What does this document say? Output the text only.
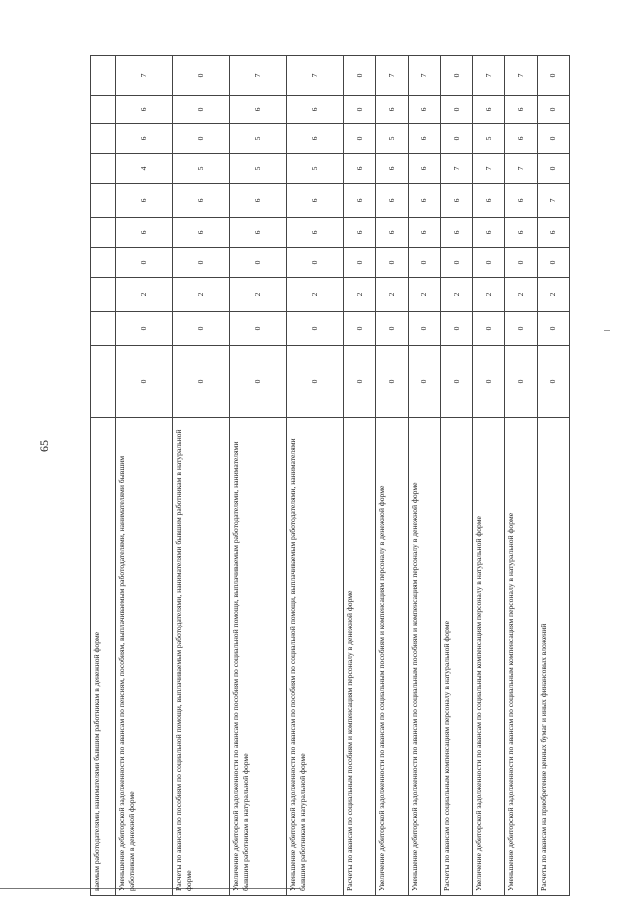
65
ваемым работодателями, нанимателями бывшим работникам в денежной форме										
Уменьшение дебиторской задолженности по авансам по пенсиям, пособиям, выплачиваемым работодателями, нанимателями бывшим работникам в денежной форме	0	0	2	0	6	6	4	6	6	7
Расчеты по авансам по пособиям по социальной помощи, выплачиваемым работодателями, нанимателями бывшим работникам в натуральной форме	0	0	2	0	6	6	5	0	0	0
Увеличение дебиторской задолженности по авансам по пособиям по социальной помощи, выплачиваемым работодателями, нанимателями бывшим работникам в натуральной форме	0	0	2	0	6	6	5	5	6	7
Уменьшение дебиторской задолженности по авансам по пособиям по социальной помощи, выплачиваемым работодателями, нанимателями бывшим работникам в натуральной форме	0	0	2	0	6	6	5	6	6	7
Расчеты по авансам по социальным пособиям и компенсациям персоналу в денежной форме	0	0	2	0	6	6	6	0	0	0
Увеличение дебиторской задолженности по авансам по социальным пособиям и компенсациям персоналу в денежной форме	0	0	2	0	6	6	6	5	6	7
Уменьшение дебиторской задолженности по авансам по социальным пособиям и компенсациям персоналу в денежной форме	0	0	2	0	6	6	6	6	6	7
Расчеты по авансам по социальным компенсациям персоналу в натуральной форме	0	0	2	0	6	6	7	0	0	0
Увеличение дебиторской задолженности по авансам по социальным компенсациям персоналу в натуральной форме	0	0	2	0	6	6	7	5	6	7
Уменьшение дебиторской задолженности по авансам по социальным компенсациям персоналу в натуральной форме	0	0	2	0	6	6	7	6	6	7
Расчеты по авансам на приобретение ценных бумаг и иных финансовых вложений	0	0	2	0	6	7	0	0	0	0
